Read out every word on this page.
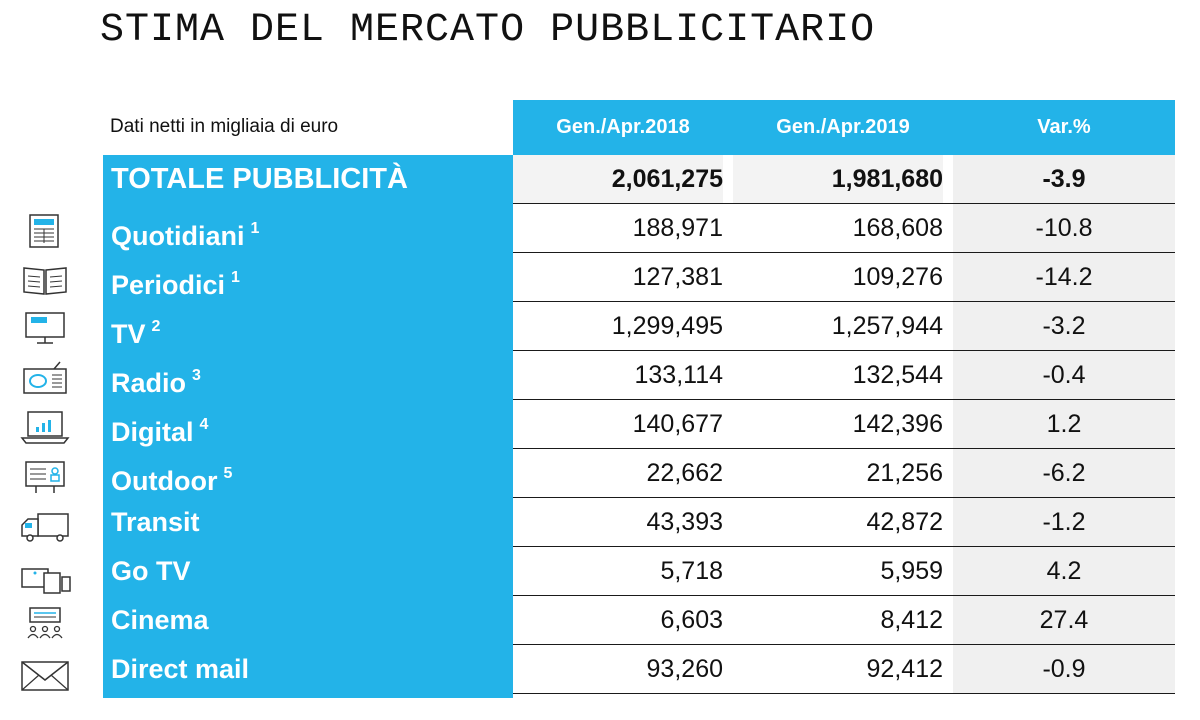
STIMA DEL MERCATO PUBBLICITARIO
Dati netti in migliaia di euro	Gen./Apr.2018	Gen./Apr.2019	Var.%
TOTALE PUBBLICITÀ	2,061,275	1,981,680	-3.9
Quotidiani $^1$	188,971	168,608	-10.8
Periodici $^1$	127,381	109,276	-14.2
TV $^2$	1,299,495	1,257,944	-3.2
Radio $^3$	133,114	132,544	-0.4
Digital $^4$	140,677	142,396	1.2
Outdoor $^5$	22,662	21,256	-6.2
Transit	43,393	42,872	-1.2
Go TV	5,718	5,959	4.2
Cinema	6,603	8,412	27.4
Direct mail	93,260	92,412	-0.9
